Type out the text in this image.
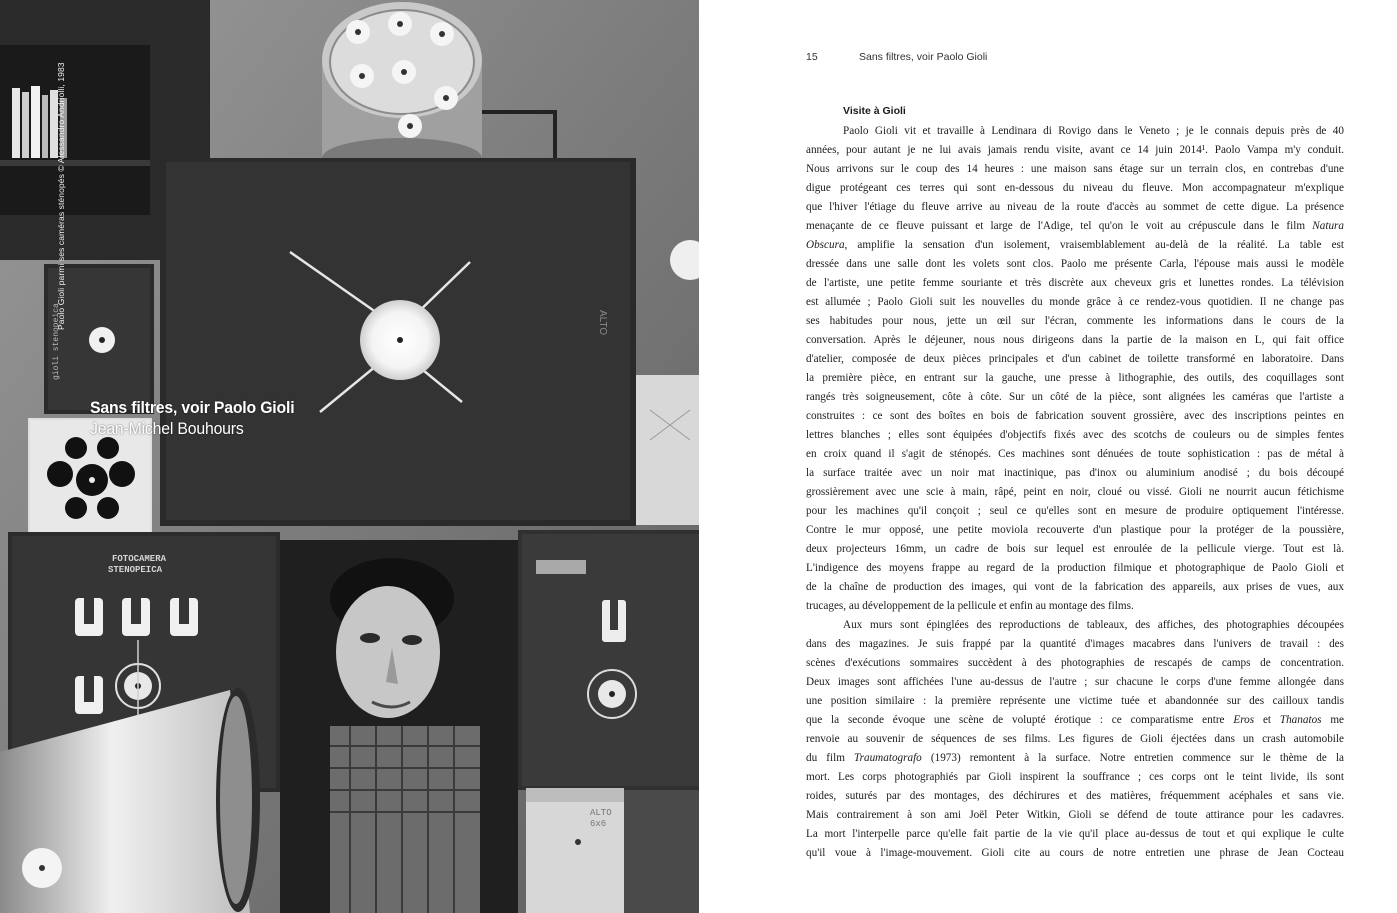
ALTO
gioli stenopeica
FOTOCAMERA
STENOPEICA
ALTO
6x6
Paolo Gioli parmi ses caméras sténopés © Alessandro Andriolli, 1983
Sans filtres, voir Paolo Gioli
Jean-Michel Bouhours
15	Sans filtres, voir Paolo Gioli
Visite à Gioli
Paolo Gioli vit et travaille à Lendinara di Rovigo dans le Veneto ; je le connais depuis près de 40
années, pour autant je ne lui avais jamais rendu visite, avant ce 14 juin 2014¹. Paolo Vampa m'y conduit.
Nous arrivons sur le coup des 14 heures : une maison sans étage sur un terrain clos, en contrebas d'une
digue protégeant ces terres qui sont en-dessous du niveau du fleuve. Mon accompagnateur m'explique
que l'hiver l'étiage du fleuve arrive au niveau de la route d'accès au sommet de cette digue. La présence
menaçante de ce fleuve puissant et large de l'Adige, tel qu'on le voit au crépuscule dans le film Natura
Obscura, amplifie la sensation d'un isolement, vraisemblablement au-delà de la réalité. La table est
dressée dans une salle dont les volets sont clos. Paolo me présente Carla, l'épouse mais aussi le modèle
de l'artiste, une petite femme souriante et très discrète aux cheveux gris et lunettes rondes. La télévision
est allumée ; Paolo Gioli suit les nouvelles du monde grâce à ce rendez-vous quotidien. Il ne change pas
ses habitudes pour nous, jette un œil sur l'écran, commente les informations dans le cours de la
conversation. Après le déjeuner, nous nous dirigeons dans la partie de la maison en L, qui fait office
d'atelier, composée de deux pièces principales et d'un cabinet de toilette transformé en laboratoire. Dans
la première pièce, en entrant sur la gauche, une presse à lithographie, des outils, des coquillages sont
rangés très soigneusement, côte à côte. Sur un côté de la pièce, sont alignées les caméras que l'artiste a
construites : ce sont des boîtes en bois de fabrication souvent grossière, avec des inscriptions peintes en
lettres blanches ; elles sont équipées d'objectifs fixés avec des scotchs de couleurs ou de simples fentes
en croix quand il s'agit de sténopés. Ces machines sont dénuées de toute sophistication : pas de métal à
la surface traitée avec un noir mat inactinique, pas d'inox ou aluminium anodisé ; du bois découpé
grossièrement avec une scie à main, râpé, peint en noir, cloué ou vissé. Gioli ne nourrit aucun fétichisme
pour les machines qu'il conçoit ; seul ce qu'elles sont en mesure de produire optiquement l'intéresse.
Contre le mur opposé, une petite moviola recouverte d'un plastique pour la protéger de la poussière,
deux projecteurs 16mm, un cadre de bois sur lequel est enroulée de la pellicule vierge. Tout est là.
L'indigence des moyens frappe au regard de la production filmique et photographique de Paolo Gioli et
de la chaîne de production des images, qui vont de la fabrication des appareils, aux prises de vues, aux
trucages, au développement de la pellicule et enfin au montage des films.
Aux murs sont épinglées des reproductions de tableaux, des affiches, des photographies découpées
dans des magazines. Je suis frappé par la quantité d'images macabres dans l'univers de travail : des
scènes d'exécutions sommaires succèdent à des photographies de rescapés de camps de concentration.
Deux images sont affichées l'une au-dessus de l'autre ; sur chacune le corps d'une femme allongée dans
une position similaire : la première représente une victime tuée et abandonnée sur des cailloux tandis
que la seconde évoque une scène de volupté érotique : ce comparatisme entre Eros et Thanatos me
renvoie au souvenir de séquences de ses films. Les figures de Gioli éjectées dans un crash automobile
du film Traumatografo (1973) remontent à la surface. Notre entretien commence sur le thème de la
mort. Les corps photographiés par Gioli inspirent la souffrance ; ces corps ont le teint livide, ils sont
roides, suturés par des montages, des déchirures et des matières, fréquemment acéphales et sans vie.
Mais contrairement à son ami Joël Peter Witkin, Gioli se défend de toute attirance pour les cadavres.
La mort l'interpelle parce qu'elle fait partie de la vie qu'il place au-dessus de tout et qui explique le culte
qu'il voue à l'image-mouvement. Gioli cite au cours de notre entretien une phrase de Jean Cocteau
